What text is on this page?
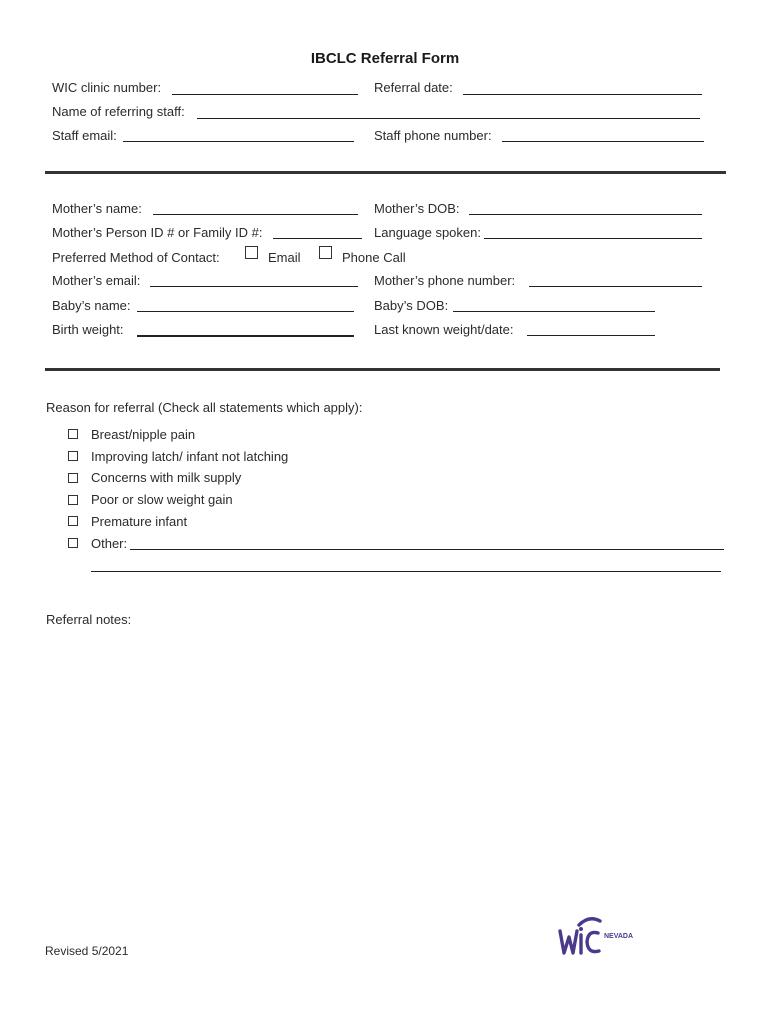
IBCLC Referral Form
WIC clinic number:	Referral date:
Name of referring staff:
Staff email:	Staff phone number:
Mother’s name:	Mother’s DOB:
Mother’s Person ID # or Family ID #:	Language spoken:
Preferred Method of Contact:	Email	Phone Call
Mother’s email:	Mother’s phone number:
Baby’s name:	Baby’s DOB:
Birth weight:	Last known weight/date:
Reason for referral (Check all statements which apply):
Breast/nipple pain
Improving latch/ infant not latching
Concerns with milk supply
Poor or slow weight gain
Premature infant
Other:
Referral notes:
Revised 5/2021
NEVADA
